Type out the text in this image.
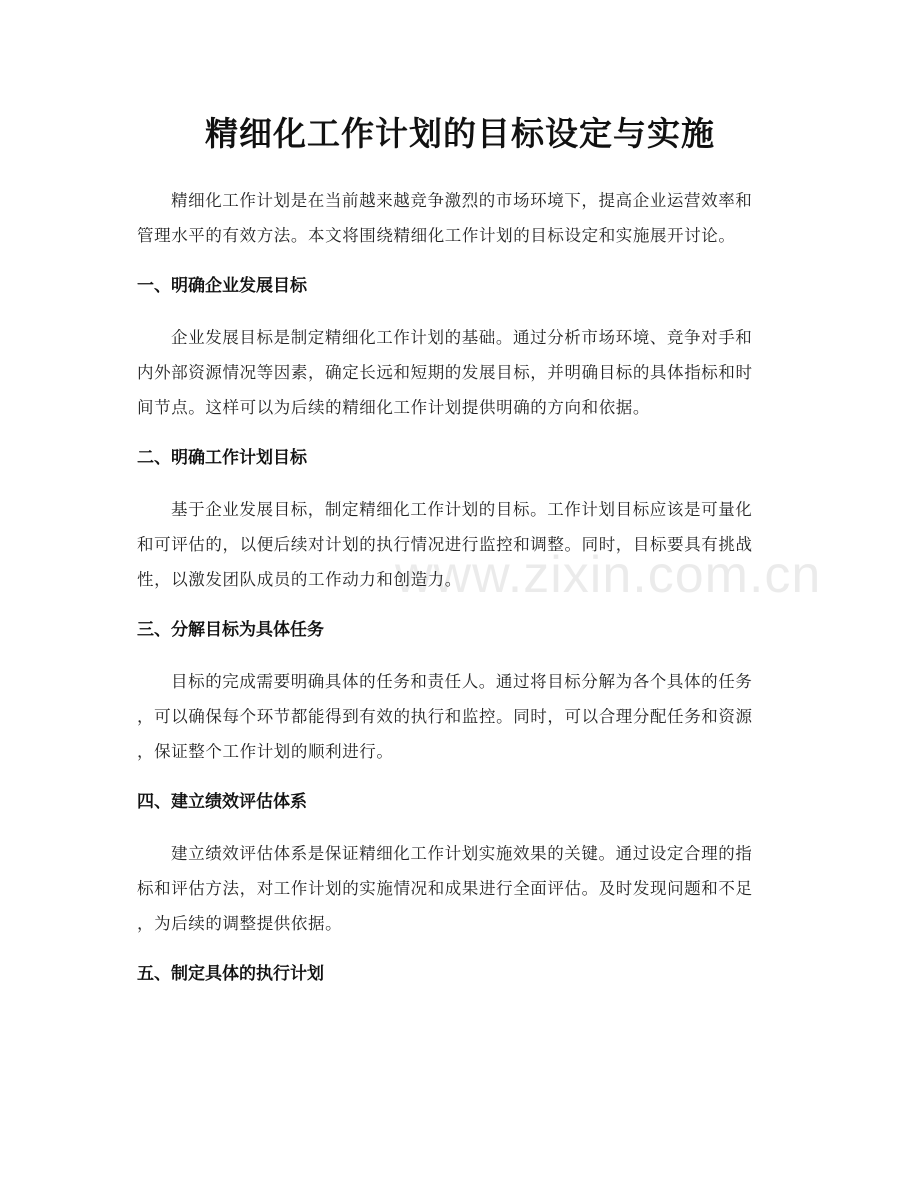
精细化工作计划的目标设定与实施
精细化工作计划是在当前越来越竞争激烈的市场环境下，提高企业运营效率和
管理水平的有效方法。本文将围绕精细化工作计划的目标设定和实施展开讨论。
一、明确企业发展目标
企业发展目标是制定精细化工作计划的基础。通过分析市场环境、竞争对手和
内外部资源情况等因素，确定长远和短期的发展目标，并明确目标的具体指标和时
间节点。这样可以为后续的精细化工作计划提供明确的方向和依据。
二、明确工作计划目标
基于企业发展目标，制定精细化工作计划的目标。工作计划目标应该是可量化
和可评估的，以便后续对计划的执行情况进行监控和调整。同时，目标要具有挑战
性，以激发团队成员的工作动力和创造力。
三、分解目标为具体任务
目标的完成需要明确具体的任务和责任人。通过将目标分解为各个具体的任务
，可以确保每个环节都能得到有效的执行和监控。同时，可以合理分配任务和资源
，保证整个工作计划的顺利进行。
四、建立绩效评估体系
建立绩效评估体系是保证精细化工作计划实施效果的关键。通过设定合理的指
标和评估方法，对工作计划的实施情况和成果进行全面评估。及时发现问题和不足
，为后续的调整提供依据。
五、制定具体的执行计划
www.zixin.com.cn
